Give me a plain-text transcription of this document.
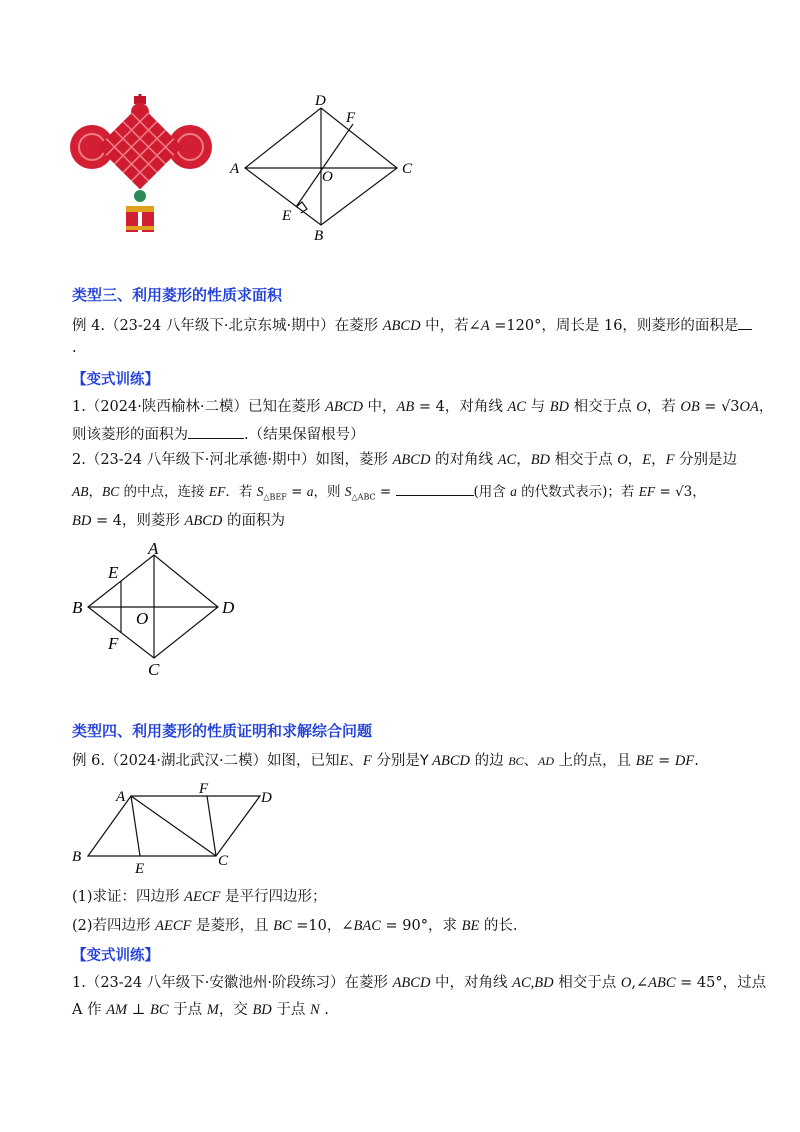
A
D
C
B
O
F
E
类型三、利用菱形的性质求面积
例 4.（23-24 八年级下·北京东城·期中）在菱形 ABCD 中，若∠A =120°，周长是 16，则菱形的面积是
.
【变式训练】
1.（2024·陕西榆林·二模）已知在菱形 ABCD 中，AB = 4，对角线 AC 与 BD 相交于点 O，若 OB = √3OA，
则该菱形的面积为	.（结果保留根号）
2.（23-24 八年级下·河北承德·期中）如图，菱形 ABCD 的对角线 AC，BD 相交于点 O，E，F 分别是边
AB，BC 的中点，连接 EF．若 $S_{\triangle BEF} = a$，则 $S_{\triangle ABC}$ =	(用含 a 的代数式表示)；若 EF = √3，
BD = 4，则菱形 ABCD 的面积为
A
B	D
C
O
E
F
类型四、利用菱形的性质证明和求解综合问题
例 6.（2024·湖北武汉·二模）如图，已知E、F 分别是Y ABCD 的边 BC、AD 上的点，且 BE = DF.
A	F
D
B
E	C
(1)求证：四边形 AECF 是平行四边形；
(2)若四边形 AECF 是菱形，且 BC =10，∠BAC = 90°，求 BE 的长.
【变式训练】
1.（23-24 八年级下·安徽池州·阶段练习）在菱形 ABCD 中，对角线 AC,BD 相交于点 O,∠ABC = 45°，过点
A 作 AM ⊥ BC 于点 M，交 BD 于点 N .
